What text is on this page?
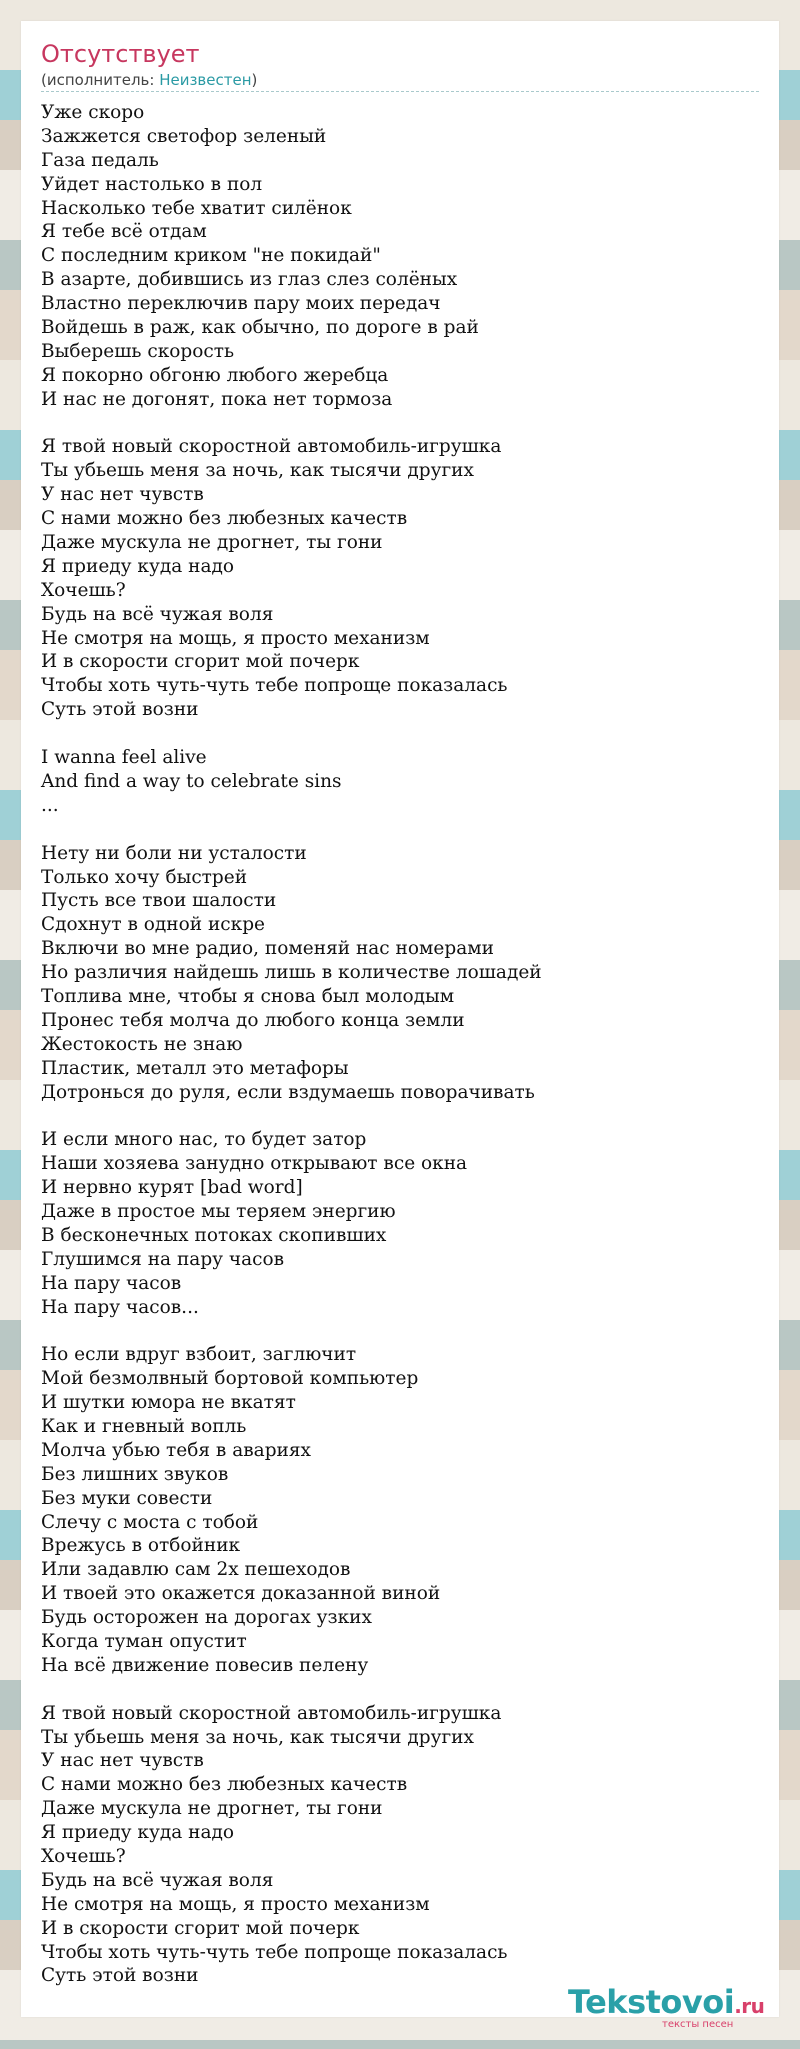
Отсутствует
(исполнитель: Неизвестен)
Уже скоро
Зажжется светофор зеленый
Газа педаль
Уйдет настолько в пол
Насколько тебе хватит силёнок
Я тебе всё отдам
С последним криком "не покидай"
В азарте, добившись из глаз слез солёных
Властно переключив пару моих передач
Войдешь в раж, как обычно, по дороге в рай
Выберешь скорость
Я покорно обгоню любого жеребца
И нас не догонят, пока нет тормоза
Я твой новый скоростной автомобиль-игрушка
Ты убьешь меня за ночь, как тысячи других
У нас нет чувств
С нами можно без любезных качеств
Даже мускула не дрогнет, ты гони
Я приеду куда надо
Хочешь?
Будь на всё чужая воля
Не смотря на мощь, я просто механизм
И в скорости сгорит мой почерк
Чтобы хоть чуть-чуть тебе попроще показалась
Суть этой возни
I wanna feel alive
And find a way to celebrate sins
...
Нету ни боли ни усталости
Только хочу быстрей
Пусть все твои шалости
Сдохнут в одной искре
Включи во мне радио, поменяй нас номерами
Но различия найдешь лишь в количестве лошадей
Топлива мне, чтобы я снова был молодым
Пронес тебя молча до любого конца земли
Жестокость не знаю
Пластик, металл это метафоры
Дотронься до руля, если вздумаешь поворачивать
И если много нас, то будет затор
Наши хозяева занудно открывают все окна
И нервно курят [bad word]
Даже в простое мы теряем энергию
В бесконечных потоках скопивших
Глушимся на пару часов
На пару часов
На пару часов...
Но если вдруг взбоит, заглючит
Мой безмолвный бортовой компьютер
И шутки юмора не вкатят
Как и гневный вопль
Молча убью тебя в авариях
Без лишних звуков
Без муки совести
Слечу с моста с тобой
Врежусь в отбойник
Или задавлю сам 2х пешеходов
И твоей это окажется доказанной виной
Будь осторожен на дорогах узких
Когда туман опустит
На всё движение повесив пелену
Я твой новый скоростной автомобиль-игрушка
Ты убьешь меня за ночь, как тысячи других
У нас нет чувств
С нами можно без любезных качеств
Даже мускула не дрогнет, ты гони
Я приеду куда надо
Хочешь?
Будь на всё чужая воля
Не смотря на мощь, я просто механизм
И в скорости сгорит мой почерк
Чтобы хоть чуть-чуть тебе попроще показалась
Суть этой возни
Tekstovoi.ru
тексты песен
